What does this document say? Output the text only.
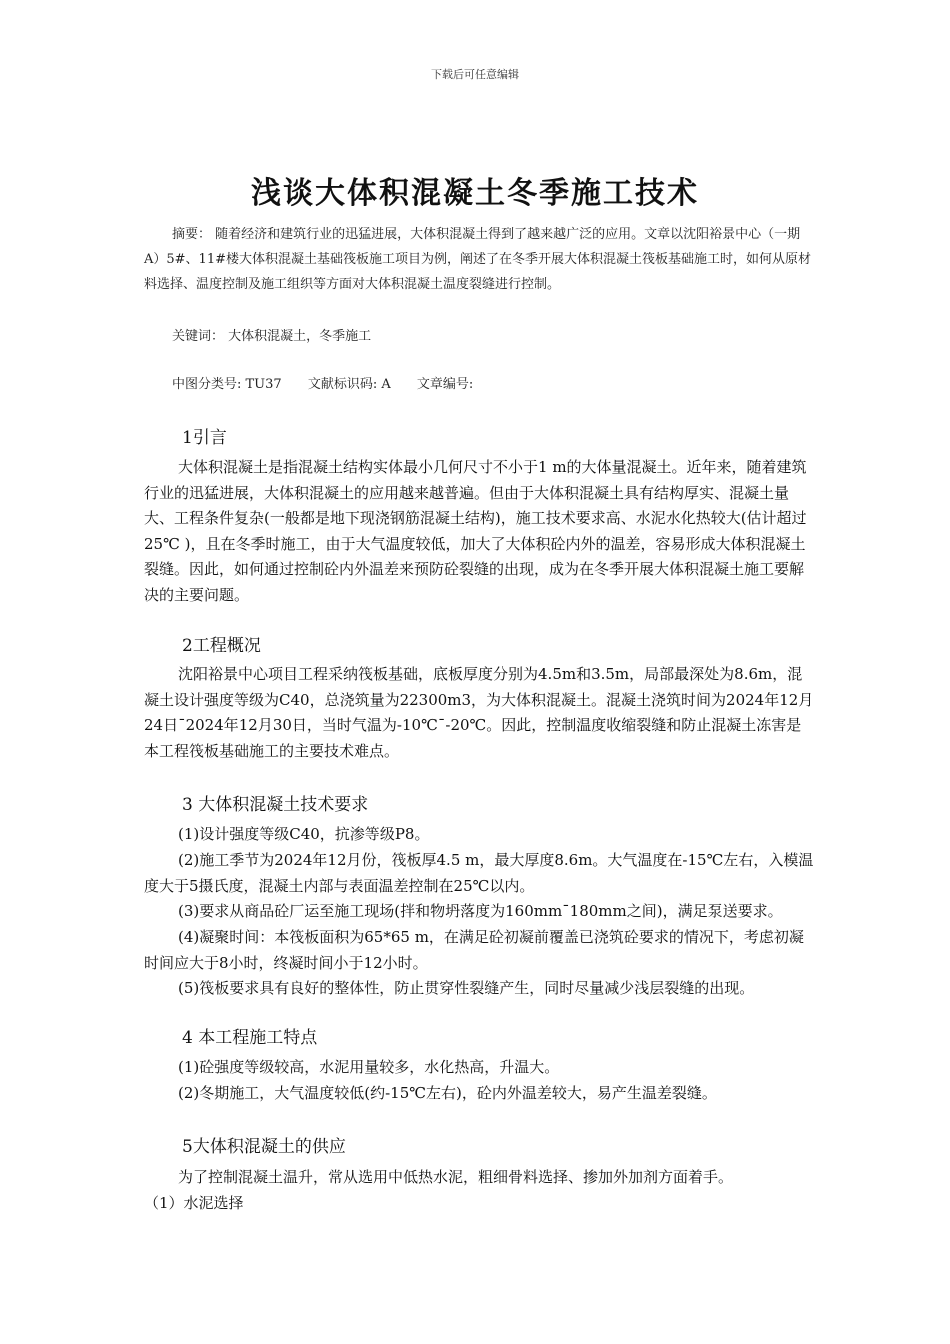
下载后可任意编辑
浅谈大体积混凝土冬季施工技术

摘要： 随着经济和建筑行业的迅猛进展，大体积混凝土得到了越来越广泛的应用。文章以沈阳裕景中心（一期A）5#、11#楼大体积混凝土基础筏板施工项目为例，阐述了在冬季开展大体积混凝土筏板基础施工时，如何从原材料选择、温度控制及施工组织等方面对大体积混凝土温度裂缝进行控制。

关键词： 大体积混凝土，冬季施工
中图分类号: TU37 文献标识码: A 文章编号:
1引言

大体积混凝土是指混凝土结构实体最小几何尺寸不小于1 m的大体量混凝土。近年来，随着建筑行业的迅猛进展，大体积混凝土的应用越来越普遍。但由于大体积混凝土具有结构厚实、混凝土量大、工程条件复杂(一般都是地下现浇钢筋混凝土结构)，施工技术要求高、水泥水化热较大(估计超过25℃ )，且在冬季时施工，由于大气温度较低，加大了大体积砼内外的温差，容易形成大体积混凝土裂缝。因此，如何通过控制砼内外温差来预防砼裂缝的出现，成为在冬季开展大体积混凝土施工要解决的主要问题。

2工程概况

沈阳裕景中心项目工程采纳筏板基础，底板厚度分别为4.5m和3.5m，局部最深处为8.6m，混凝土设计强度等级为C40，总浇筑量为22300m3，为大体积混凝土。混凝土浇筑时间为2024年12月24日¯2024年12月30日，当时气温为-10℃¯-20℃。因此，控制温度收缩裂缝和防止混凝土冻害是本工程筏板基础施工的主要技术难点。

3 大体积混凝土技术要求

(1)设计强度等级C40，抗渗等级P8。

(2)施工季节为2024年12月份，筏板厚4.5 m，最大厚度8.6m。大气温度在-15℃左右，入模温度大于5摄氏度，混凝土内部与表面温差控制在25℃以内。

(3)要求从商品砼厂运至施工现场(拌和物坍落度为160mm¯180mm之间)，满足泵送要求。

(4)凝聚时间：本筏板面积为65*65 m，在满足砼初凝前覆盖已浇筑砼要求的情况下，考虑初凝时间应大于8小时，终凝时间小于12小时。

(5)筏板要求具有良好的整体性，防止贯穿性裂缝产生，同时尽量减少浅层裂缝的出现。

4 本工程施工特点

(1)砼强度等级较高，水泥用量较多，水化热高，升温大。

(2)冬期施工，大气温度较低(约-15℃左右)，砼内外温差较大，易产生温差裂缝。

5大体积混凝土的供应

为了控制混凝土温升，常从选用中低热水泥，粗细骨料选择、掺加外加剂方面着手。

（1）水泥选择
